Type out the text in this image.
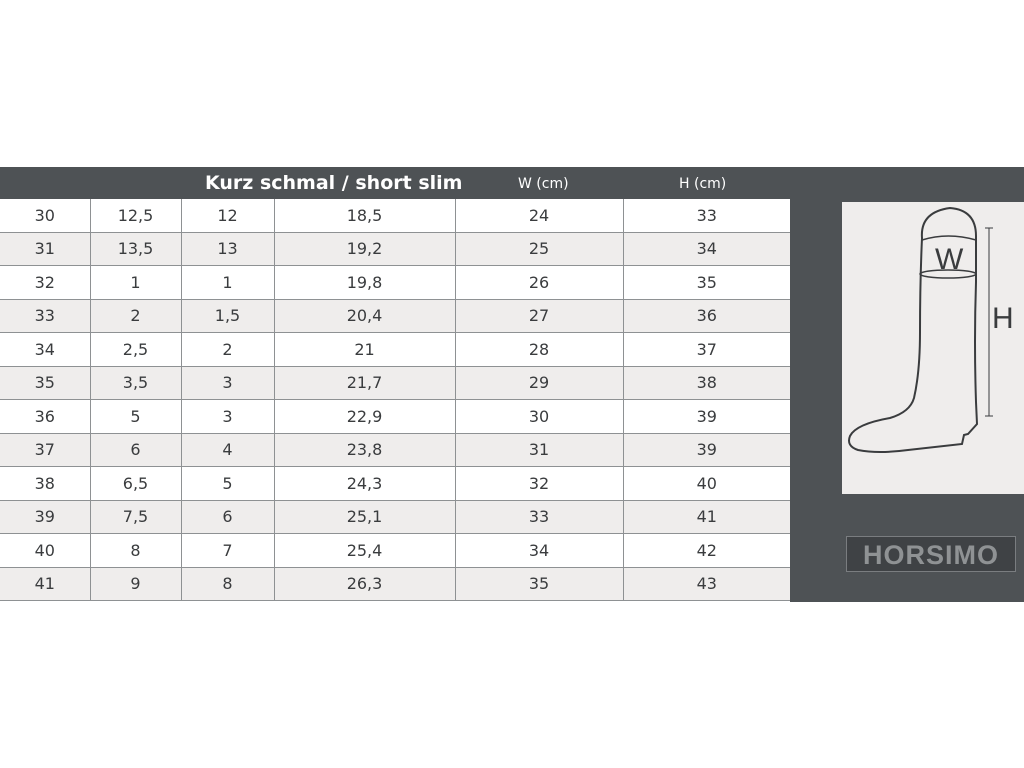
Kurz schmal / short slim	W (cm)	H (cm)
30	12,5	12	18,5	24	33
31	13,5	13	19,2	25	34
32	1	1	19,8	26	35
33	2	1,5	20,4	27	36
34	2,5	2	21	28	37
35	3,5	3	21,7	29	38
36	5	3	22,9	30	39
37	6	4	23,8	31	39
38	6,5	5	24,3	32	40
39	7,5	6	25,1	33	41
40	8	7	25,4	34	42
41	9	8	26,3	35	43
W
H
HORSIMO
